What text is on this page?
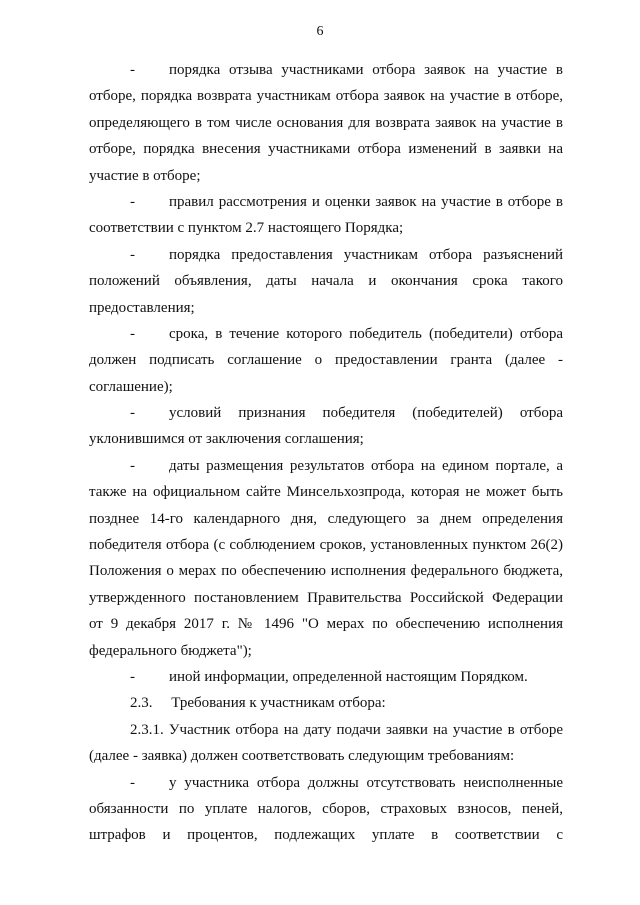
6
- порядка отзыва участниками отбора заявок на участие в
отборе, порядка возврата участникам отбора заявок на участие в отборе,
определяющего в том числе основания для возврата заявок на участие в
отборе, порядка внесения участниками отбора изменений в заявки на
участие в отборе;
- правил рассмотрения и оценки заявок на участие в отборе в
соответствии с пунктом 2.7 настоящего Порядка;
- порядка предоставления участникам отбора разъяснений
положений объявления, даты начала и окончания срока такого
предоставления;
- срока, в течение которого победитель (победители) отбора
должен подписать соглашение о предоставлении гранта (далее -
соглашение);
- условий признания победителя (победителей) отбора
уклонившимся от заключения соглашения;
- даты размещения результатов отбора на едином портале, а
также на официальном сайте Минсельхозпрода, которая не может быть
позднее 14-го календарного дня, следующего за днем определения
победителя отбора (с соблюдением сроков, установленных пунктом 26(2)
Положения о мерах по обеспечению исполнения федерального бюджета,
утвержденного постановлением Правительства Российской Федерации
от 9 декабря 2017 г. № 1496 "О мерах по обеспечению исполнения
федерального бюджета");
- иной информации, определенной настоящим Порядком.
2.3.  Требования к участникам отбора:
2.3.1. Участник отбора на дату подачи заявки на участие в отборе
(далее - заявка) должен соответствовать следующим требованиям:
- у участника отбора должны отсутствовать неисполненные
обязанности по уплате налогов, сборов, страховых взносов, пеней,
штрафов и процентов, подлежащих уплате в соответствии с
